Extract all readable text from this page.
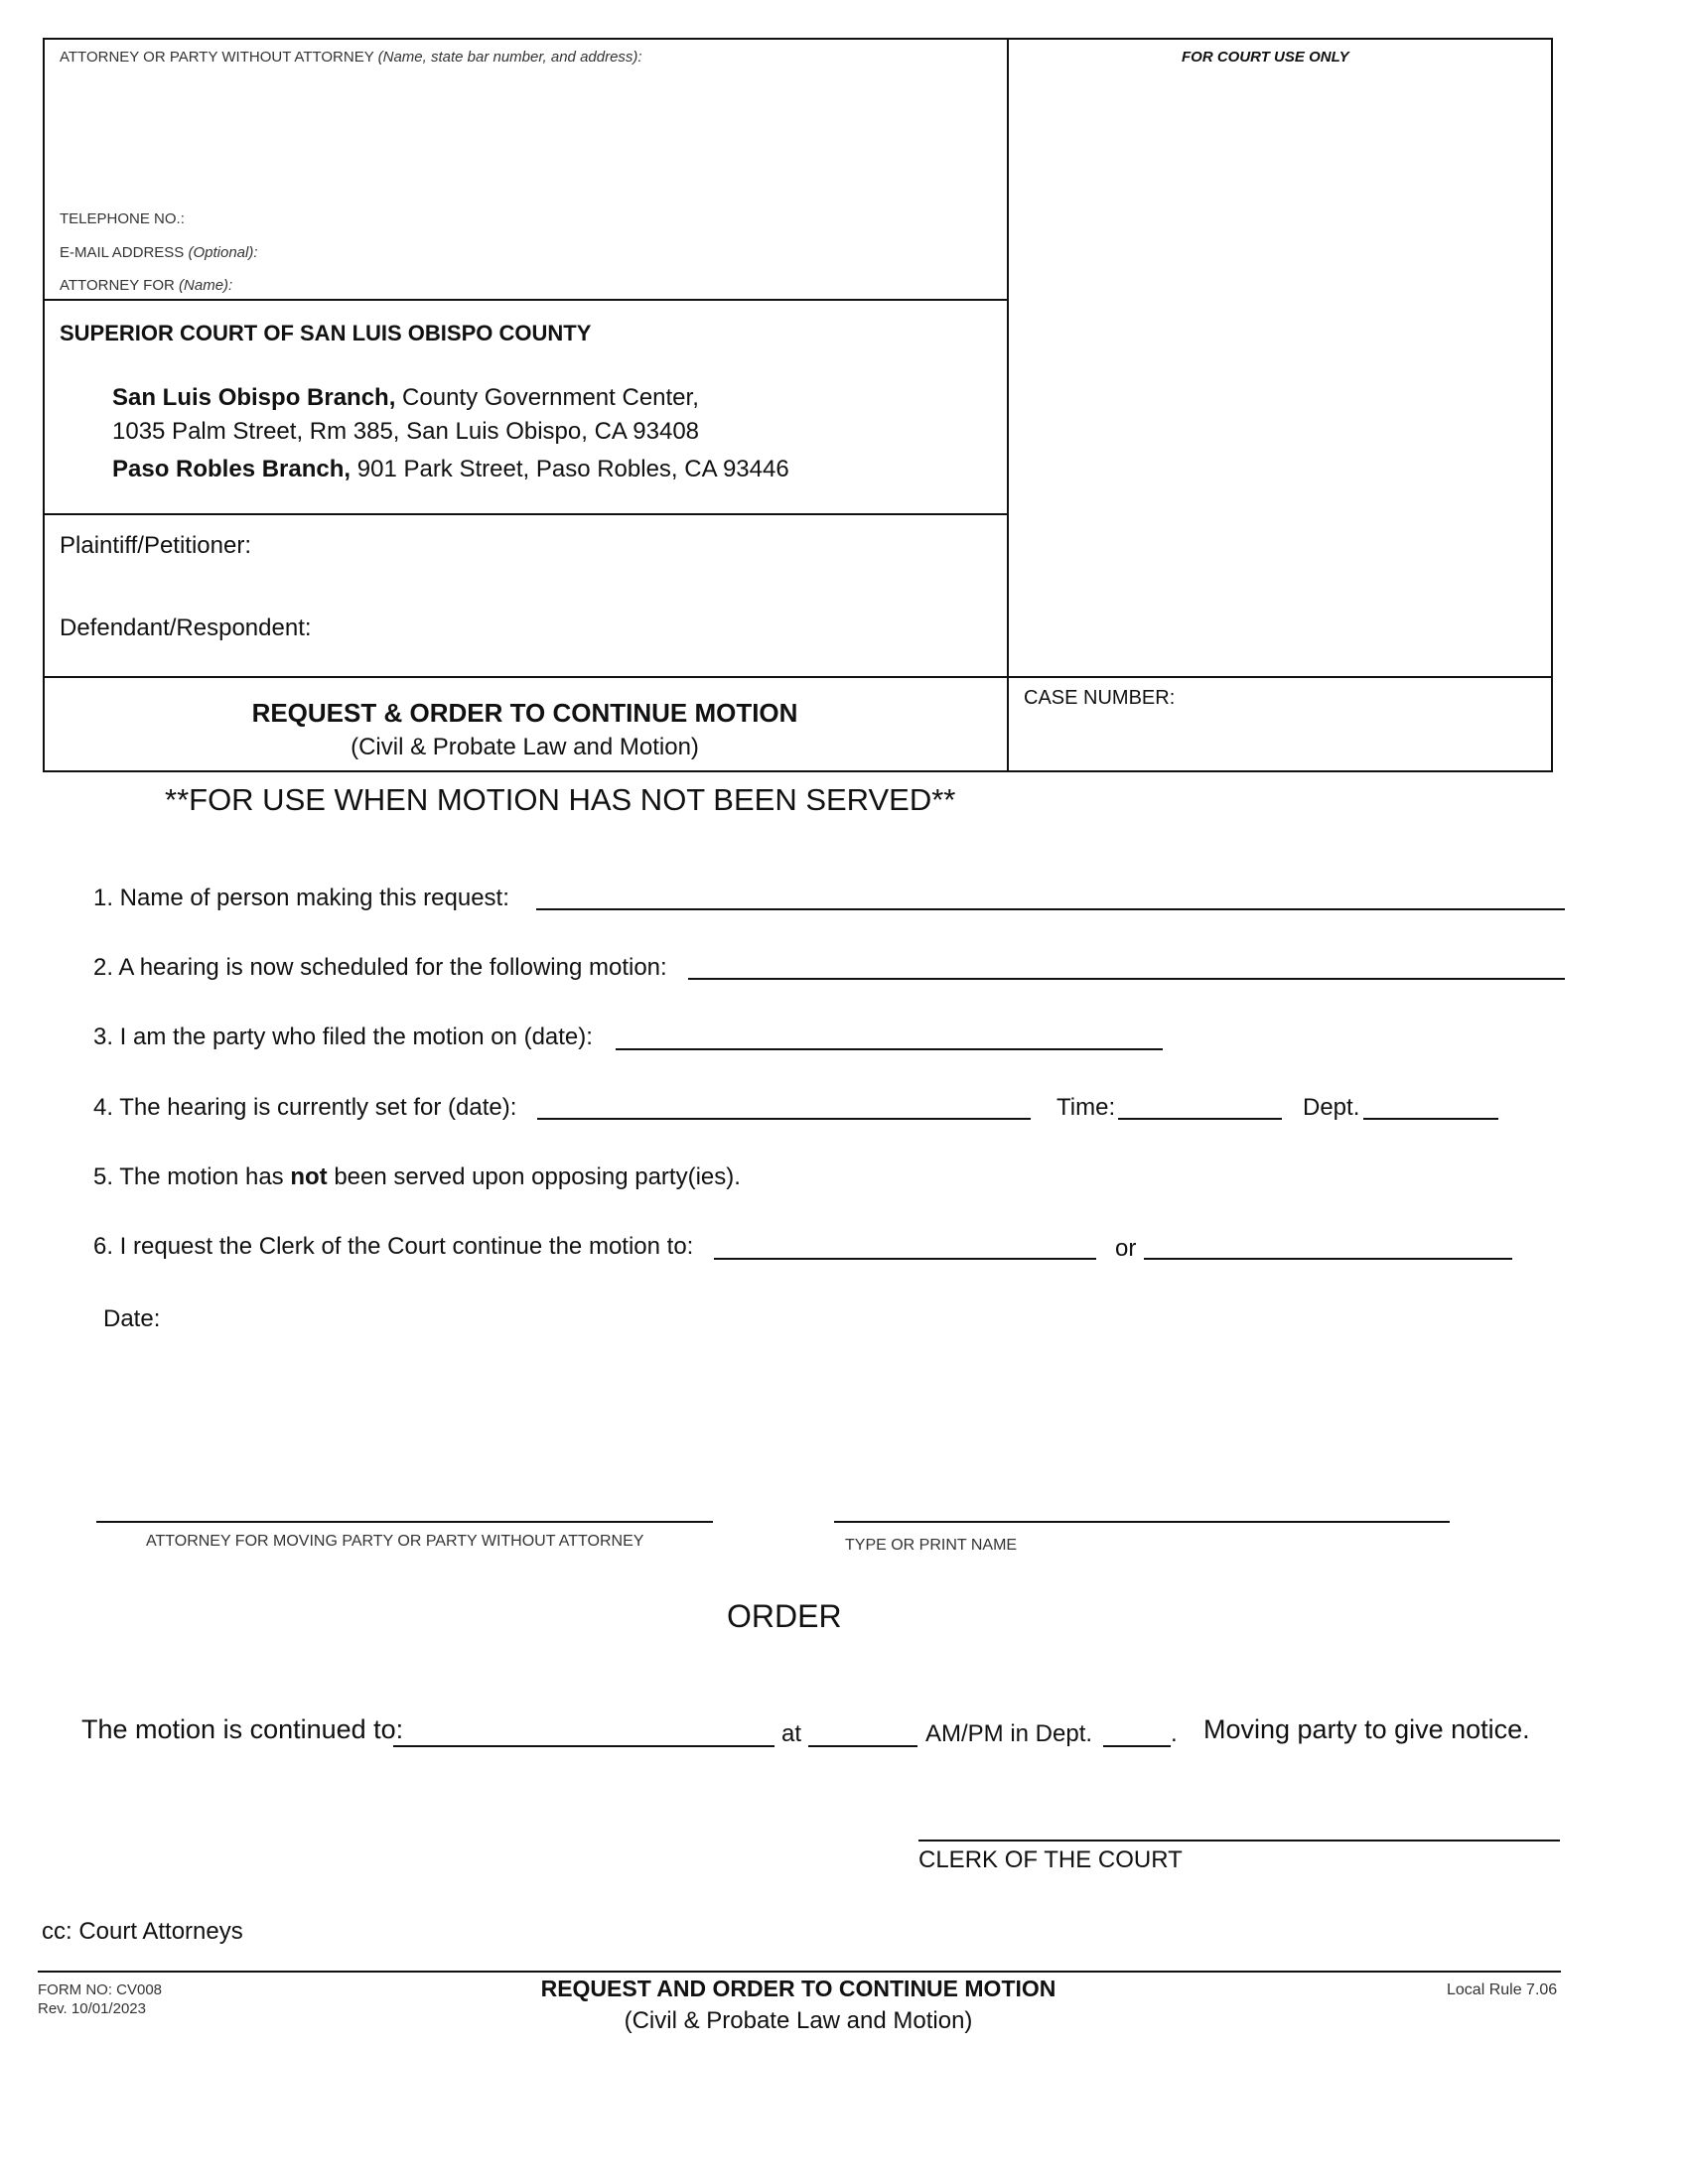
ATTORNEY OR PARTY WITHOUT ATTORNEY (Name, state bar number, and address):
TELEPHONE NO.:
E-MAIL ADDRESS (Optional):
ATTORNEY FOR (Name):
FOR COURT USE ONLY
SUPERIOR COURT OF SAN LUIS OBISPO COUNTY
San Luis Obispo Branch, County Government Center,
1035 Palm Street, Rm 385, San Luis Obispo, CA 93408
Paso Robles Branch, 901 Park Street, Paso Robles, CA 93446
Plaintiff/Petitioner:
Defendant/Respondent:
REQUEST & ORDER TO CONTINUE MOTION
(Civil & Probate Law and Motion)
CASE NUMBER:
**FOR USE WHEN MOTION HAS NOT BEEN SERVED**
1. Name of person making this request:
2. A hearing is now scheduled for the following motion:
3. I am the party who filed the motion on (date):
4. The hearing is currently set for (date):	Time:	Dept.
5. The motion has not been served upon opposing party(ies).
6. I request the Clerk of the Court continue the motion to:	or
Date:
ATTORNEY FOR MOVING PARTY OR PARTY WITHOUT ATTORNEY	TYPE OR PRINT NAME
ORDER
The motion is continued to:	at	AM/PM in Dept.	. Moving party to give notice.
CLERK OF THE COURT
cc: Court Attorneys
FORM NO: CV008
Rev. 10/01/2023
REQUEST AND ORDER TO CONTINUE MOTION
(Civil & Probate Law and Motion)
Local Rule 7.06
